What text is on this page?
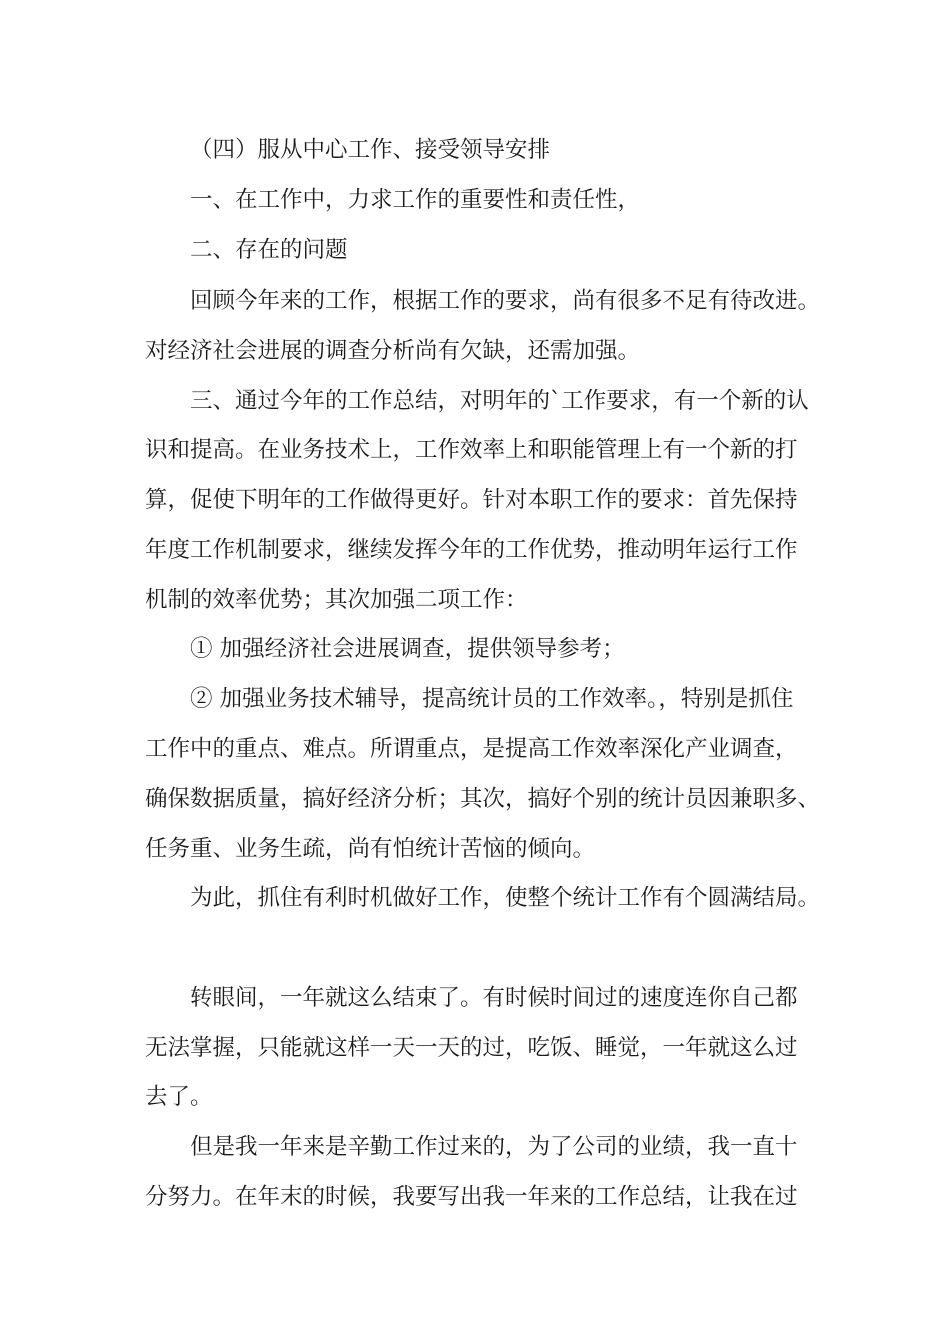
（四）服从中心工作、接受领导安排
一、在工作中，力求工作的重要性和责任性，
二、存在的问题
回顾今年来的工作，根据工作的要求，尚有很多不足有待改进。
对经济社会进展的调查分析尚有欠缺，还需加强。
三、通过今年的工作总结，对明年的`工作要求，有一个新的认
识和提高。在业务技术上，工作效率上和职能管理上有一个新的打
算，促使下明年的工作做得更好。针对本职工作的要求：首先保持
年度工作机制要求，继续发挥今年的工作优势，推动明年运行工作
机制的效率优势；其次加强二项工作：
① 加强经济社会进展调查，提供领导参考；
② 加强业务技术辅导，提高统计员的工作效率。，特别是抓住
工作中的重点、难点。所谓重点，是提高工作效率深化产业调查，
确保数据质量，搞好经济分析；其次，搞好个别的统计员因兼职多、
任务重、业务生疏，尚有怕统计苦恼的倾向。
为此，抓住有利时机做好工作，使整个统计工作有个圆满结局。
转眼间，一年就这么结束了。有时候时间过的速度连你自己都
无法掌握，只能就这样一天一天的过，吃饭、睡觉，一年就这么过
去了。
但是我一年来是辛勤工作过来的，为了公司的业绩，我一直十
分努力。在年末的时候，我要写出我一年来的工作总结，让我在过
